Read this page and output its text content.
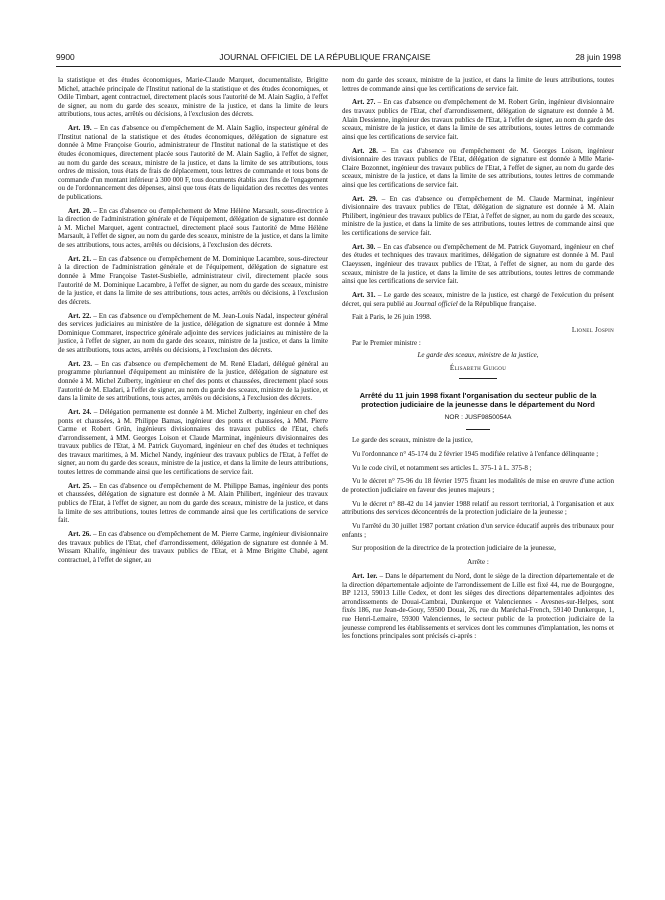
9900	JOURNAL OFFICIEL DE LA RÉPUBLIQUE FRANÇAISE	28 juin 1998

la statistique et des études économiques, Marie-Claude Marquet, documentaliste, Brigitte Michel, attachée principale de l'Institut national de la statistique et des études économiques, et Odile Timbart, agent contractuel, directement placés sous l'autorité de M. Alain Saglio, à l'effet de signer, au nom du garde des sceaux, ministre de la justice, et dans la limite de leurs attributions, tous actes, arrêtés ou décisions, à l'exclusion des décrets.

Art. 19. – En cas d'absence ou d'empêchement de M. Alain Saglio, inspecteur général de l'Institut national de la statistique et des études économiques, délégation de signature est donnée à Mme Françoise Gourio, administrateur de l'Institut national de la statistique et des études économiques, directement placée sous l'autorité de M. Alain Saglio, à l'effet de signer, au nom du garde des sceaux, ministre de la justice, et dans la limite de ses attributions, tous ordres de mission, tous états de frais de déplacement, tous lettres de commande et tous bons de commande d'un montant inférieur à 300 000 F, tous documents établis aux fins de l'engagement ou de l'ordonnancement des dépenses, ainsi que tous états de liquidation des recettes des ventes de publications.

Art. 20. – En cas d'absence ou d'empêchement de Mme Hélène Marsault, sous-directrice à la direction de l'administration générale et de l'équipement, délégation de signature est donnée à M. Michel Marquet, agent contractuel, directement placé sous l'autorité de Mme Hélène Marsault, à l'effet de signer, au nom du garde des sceaux, ministre de la justice, et dans la limite de ses attributions, tous actes, arrêtés ou décisions, à l'exclusion des décrets.

Art. 21. – En cas d'absence ou d'empêchement de M. Dominique Lacambre, sous-directeur à la direction de l'administration générale et de l'équipement, délégation de signature est donnée à Mme Françoise Tastet-Susbielle, administrateur civil, directement placée sous l'autorité de M. Dominique Lacambre, à l'effet de signer, au nom du garde des sceaux, ministre de la justice, et dans la limite de ses attributions, tous actes, arrêtés ou décisions, à l'exclusion des décrets.

Art. 22. – En cas d'absence ou d'empêchement de M. Jean-Louis Nadal, inspecteur général des services judiciaires au ministère de la justice, délégation de signature est donnée à Mme Dominique Commaret, inspectrice générale adjointe des services judiciaires au ministère de la justice, à l'effet de signer, au nom du garde des sceaux, ministre de la justice, et dans la limite de ses attributions, tous actes, arrêtés ou décisions, à l'exclusion des décrets.

Art. 23. – En cas d'absence ou d'empêchement de M. René Eladari, délégué général au programme pluriannuel d'équipement au ministère de la justice, délégation de signature est donnée à M. Michel Zulberty, ingénieur en chef des ponts et chaussées, directement placé sous l'autorité de M. Eladari, à l'effet de signer, au nom du garde des sceaux, ministre de la justice, et dans la limite de ses attributions, tous actes, arrêtés ou décisions, à l'exclusion des décrets.

Art. 24. – Délégation permanente est donnée à M. Michel Zulberty, ingénieur en chef des ponts et chaussées, à M. Philippe Bamas, ingénieur des ponts et chaussées, à MM. Pierre Carme et Robert Grün, ingénieurs divisionnaires des travaux publics de l'Etat, chefs d'arrondissement, à MM. Georges Loison et Claude Marminat, ingénieurs divisionnaires des travaux publics de l'Etat, à M. Patrick Guyomard, ingénieur en chef des études et techniques des travaux maritimes, à M. Michel Nandy, ingénieur des travaux publics de l'Etat, à l'effet de signer, au nom du garde des sceaux, ministre de la justice, et dans la limite de leurs attributions, toutes lettres de commande ainsi que les certifications de service fait.

Art. 25. – En cas d'absence ou d'empêchement de M. Philippe Bamas, ingénieur des ponts et chaussées, délégation de signature est donnée à M. Alain Philibert, ingénieur des travaux publics de l'Etat, à l'effet de signer, au nom du garde des sceaux, ministre de la justice, et dans la limite de ses attributions, toutes lettres de commande ainsi que les certifications de service fait.

Art. 26. – En cas d'absence ou d'empêchement de M. Pierre Carme, ingénieur divisionnaire des travaux publics de l'Etat, chef d'arrondissement, délégation de signature est donnée à M. Wissam Khalife, ingénieur des travaux publics de l'Etat, et à Mme Brigitte Chabé, agent contractuel, à l'effet de signer, au

nom du garde des sceaux, ministre de la justice, et dans la limite de leurs attributions, toutes lettres de commande ainsi que les certifications de service fait.

Art. 27. – En cas d'absence ou d'empêchement de M. Robert Grün, ingénieur divisionnaire des travaux publics de l'Etat, chef d'arrondissement, délégation de signature est donnée à M. Alain Dessienne, ingénieur des travaux publics de l'Etat, à l'effet de signer, au nom du garde des sceaux, ministre de la justice, et dans la limite de ses attributions, toutes lettres de commande ainsi que les certifications de service fait.

Art. 28. – En cas d'absence ou d'empêchement de M. Georges Loison, ingénieur divisionnaire des travaux publics de l'Etat, délégation de signature est donnée à Mlle Marie-Claire Bozonnet, ingénieur des travaux publics de l'Etat, à l'effet de signer, au nom du garde des sceaux, ministre de la justice, et dans la limite de ses attributions, toutes lettres de commande ainsi que les certifications de service fait.

Art. 29. – En cas d'absence ou d'empêchement de M. Claude Marminat, ingénieur divisionnaire des travaux publics de l'Etat, délégation de signature est donnée à M. Alain Philibert, ingénieur des travaux publics de l'Etat, à l'effet de signer, au nom du garde des sceaux, ministre de la justice, et dans la limite de ses attributions, toutes lettres de commande ainsi que les certifications de service fait.

Art. 30. – En cas d'absence ou d'empêchement de M. Patrick Guyomard, ingénieur en chef des études et techniques des travaux maritimes, délégation de signature est donnée à M. Paul Claeyssen, ingénieur des travaux publics de l'Etat, à l'effet de signer, au nom du garde des sceaux, ministre de la justice, et dans la limite de ses attributions, toutes lettres de commande ainsi que les certifications de service fait.

Art. 31. – Le garde des sceaux, ministre de la justice, est chargé de l'exécution du présent décret, qui sera publié au Journal officiel de la République française.

Fait à Paris, le 26 juin 1998.

Lionel Jospin

Par le Premier ministre :

Le garde des sceaux, ministre de la justice,

Élisabeth Guigou

Arrêté du 11 juin 1998 fixant l'organisation du secteur public de la protection judiciaire de la jeunesse dans le département du Nord
NOR : JUSF9850054A

Le garde des sceaux, ministre de la justice,

Vu l'ordonnance n° 45-174 du 2 février 1945 modifiée relative à l'enfance délinquante ;

Vu le code civil, et notamment ses articles L. 375-1 à L. 375-8 ;

Vu le décret n° 75-96 du 18 février 1975 fixant les modalités de mise en œuvre d'une action de protection judiciaire en faveur des jeunes majeurs ;

Vu le décret n° 88-42 du 14 janvier 1988 relatif au ressort territorial, à l'organisation et aux attributions des services déconcentrés de la protection judiciaire de la jeunesse ;

Vu l'arrêté du 30 juillet 1987 portant création d'un service éducatif auprès des tribunaux pour enfants ;

Sur proposition de la directrice de la protection judiciaire de la jeunesse,

Arrête :

Art. 1er. – Dans le département du Nord, dont le siège de la direction départementale et de la direction départementale adjointe de l'arrondissement de Lille est fixé 44, rue de Bourgogne, BP 1213, 59013 Lille Cedex, et dont les sièges des directions départementales adjointes des arrondissements de Douai-Cambrai, Dunkerque et Valenciennes - Avesnes-sur-Helpes, sont fixés 186, rue Jean-de-Gouy, 59500 Douai, 26, rue du Maréchal-French, 59140 Dunkerque, 1, rue Henri-Lemaire, 59300 Valenciennes, le secteur public de la protection judiciaire de la jeunesse comprend les établissements et services dont les communes d'implantation, les noms et les fonctions principales sont précisés ci-après :
